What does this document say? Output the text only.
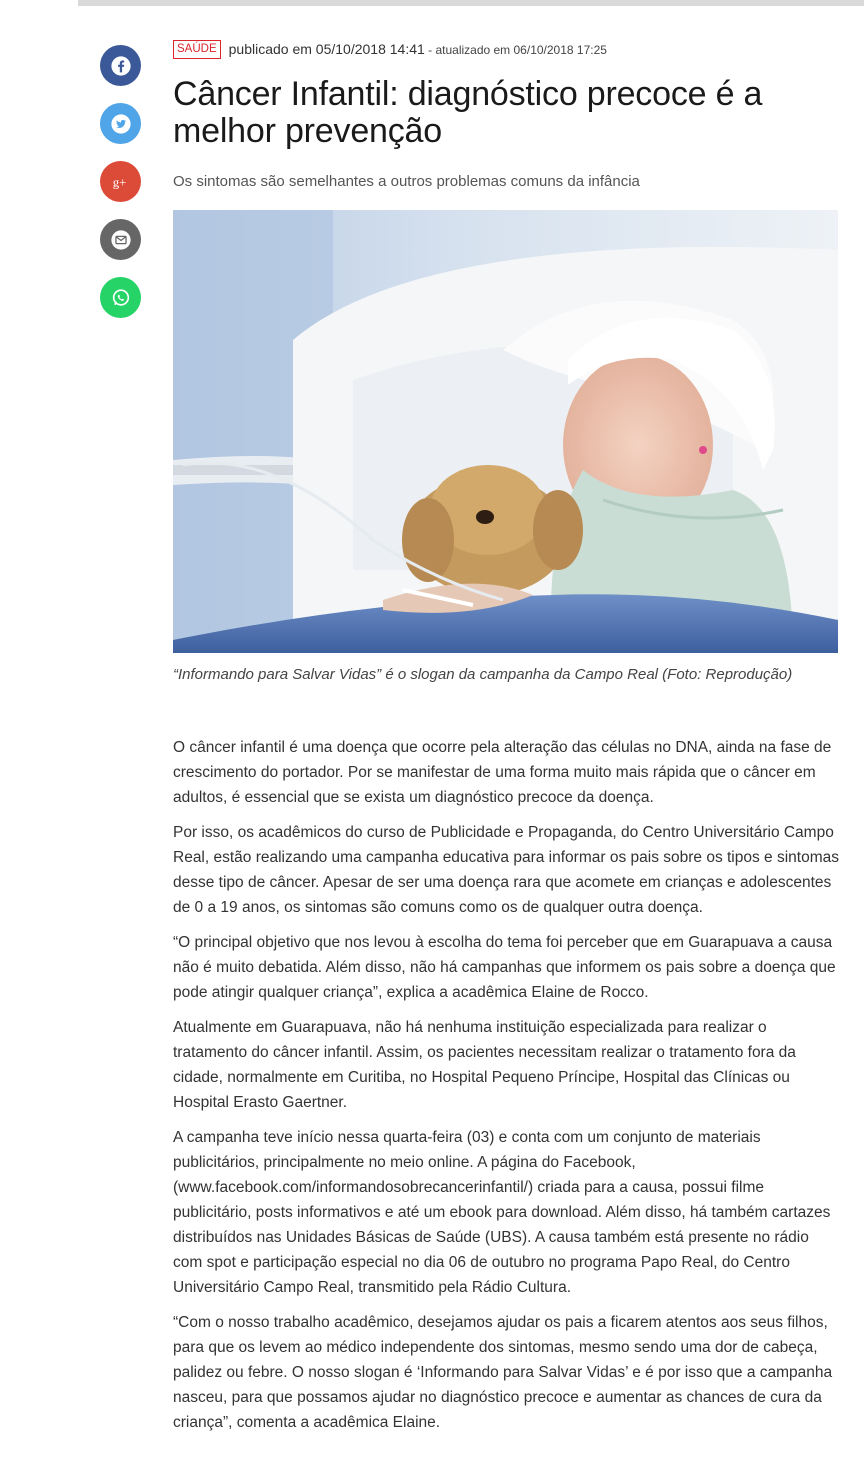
g+
SAÚDE publicado em 05/10/2018 14:41 - atualizado em 06/10/2018 17:25
Câncer Infantil: diagnóstico precoce é a melhor prevenção

Os sintomas são semelhantes a outros problemas comuns da infância

“Informando para Salvar Vidas” é o slogan da campanha da Campo Real (Foto: Reprodução)

O câncer infantil é uma doença que ocorre pela alteração das células no DNA, ainda na fase de crescimento do portador. Por se manifestar de uma forma muito mais rápida que o câncer em adultos, é essencial que se exista um diagnóstico precoce da doença.

Por isso, os acadêmicos do curso de Publicidade e Propaganda, do Centro Universitário Campo Real, estão realizando uma campanha educativa para informar os pais sobre os tipos e sintomas desse tipo de câncer. Apesar de ser uma doença rara que acomete em crianças e adolescentes de 0 a 19 anos, os sintomas são comuns como os de qualquer outra doença.

“O principal objetivo que nos levou à escolha do tema foi perceber que em Guarapuava a causa não é muito debatida. Além disso, não há campanhas que informem os pais sobre a doença que pode atingir qualquer criança”, explica a acadêmica Elaine de Rocco.

Atualmente em Guarapuava, não há nenhuma instituição especializada para realizar o tratamento do câncer infantil. Assim, os pacientes necessitam realizar o tratamento fora da cidade, normalmente em Curitiba, no Hospital Pequeno Príncipe, Hospital das Clínicas ou Hospital Erasto Gaertner.

A campanha teve início nessa quarta-feira (03) e conta com um conjunto de materiais publicitários, principalmente no meio online. A página do Facebook, (www.facebook.com/informandosobrecancerinfantil/) criada para a causa, possui filme publicitário, posts informativos e até um ebook para download. Além disso, há também cartazes distribuídos nas Unidades Básicas de Saúde (UBS). A causa também está presente no rádio com spot e participação especial no dia 06 de outubro no programa Papo Real, do Centro Universitário Campo Real, transmitido pela Rádio Cultura.

“Com o nosso trabalho acadêmico, desejamos ajudar os pais a ficarem atentos aos seus filhos, para que os levem ao médico independente dos sintomas, mesmo sendo uma dor de cabeça, palidez ou febre. O nosso slogan é ‘Informando para Salvar Vidas’ e é por isso que a campanha nasceu, para que possamos ajudar no diagnóstico precoce e aumentar as chances de cura da criança”, comenta a acadêmica Elaine.
